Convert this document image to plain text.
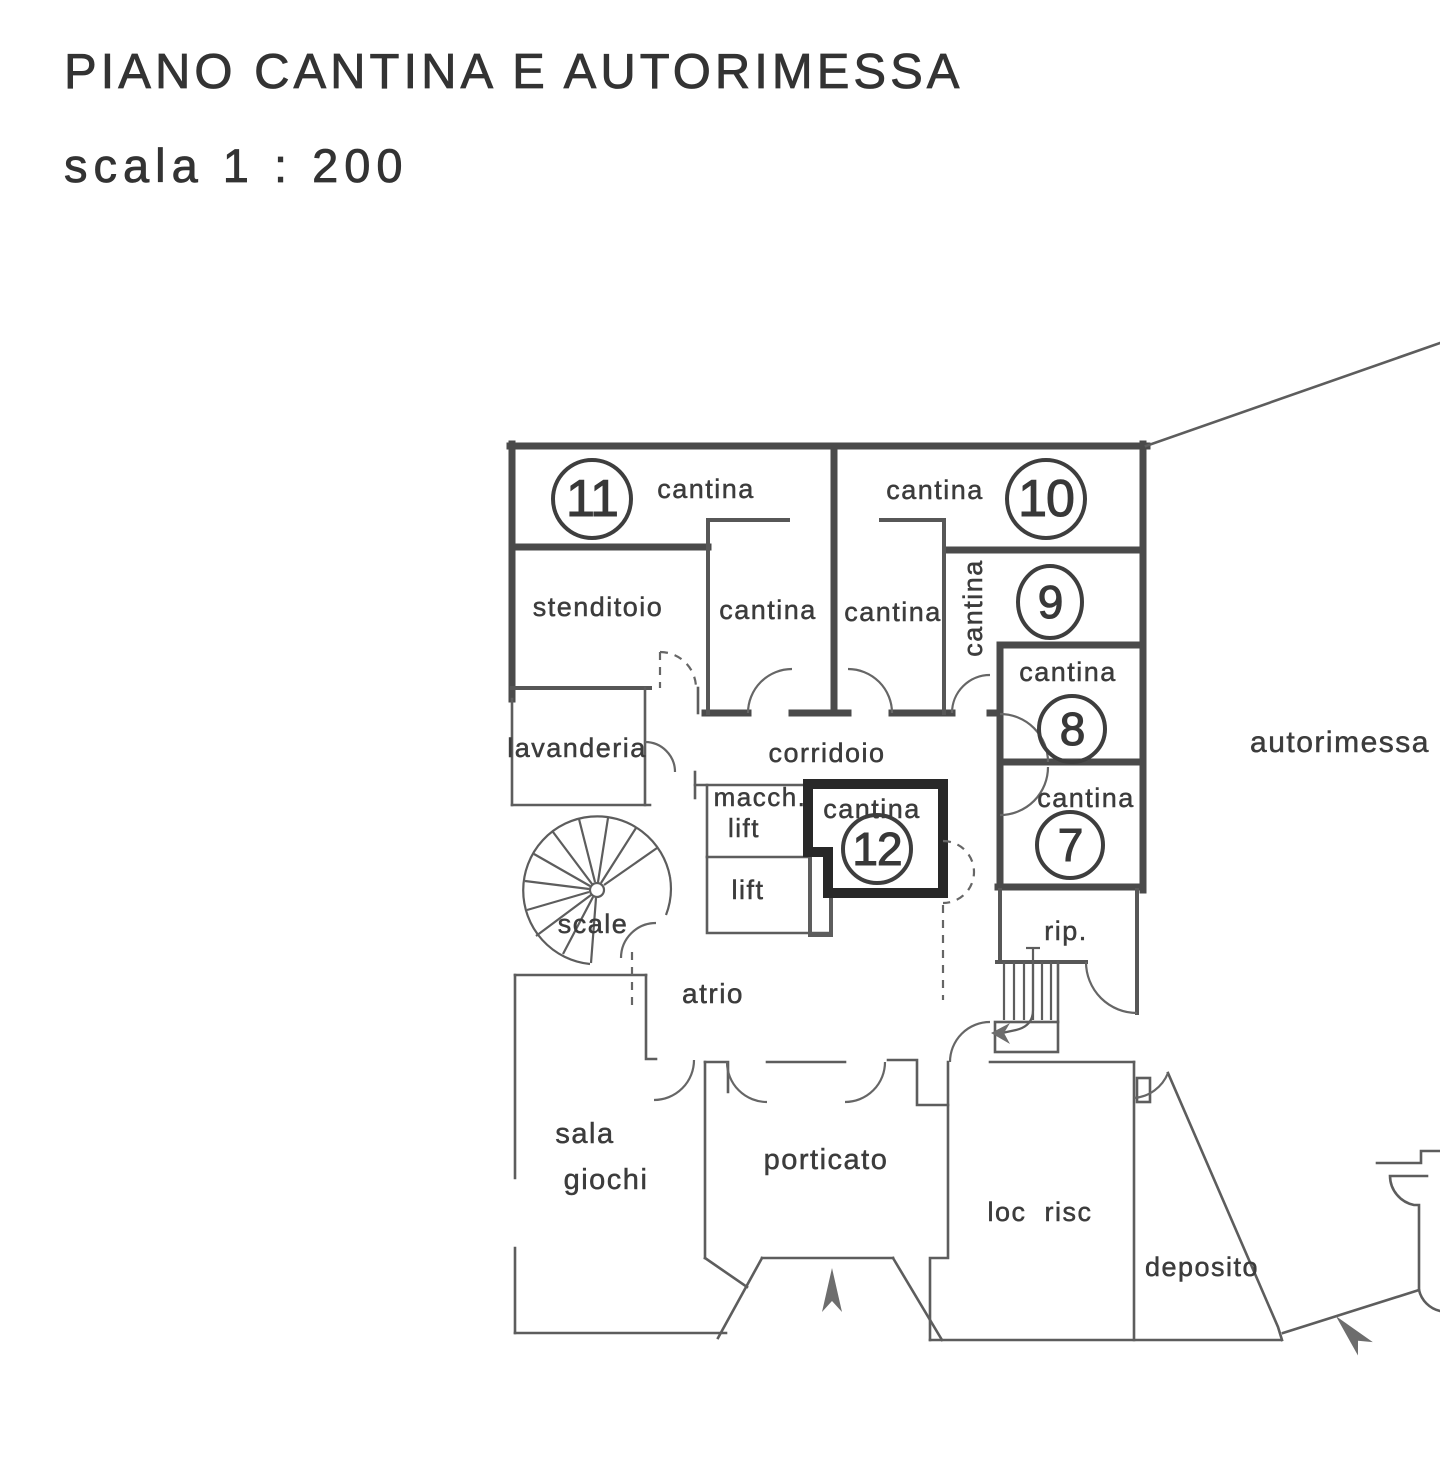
PIANO CANTINA E AUTORIMESSA
scala 1 : 200
11	10
9
8
7
12
cantina	cantina
stenditoio cantina cantina cantina
cantina
cantina
lavanderia	corridoio
macch.
lift
cantina
lift
scale
atrio
rip.
autorimessa
sala
giochi
porticato
loc  risc
deposito
